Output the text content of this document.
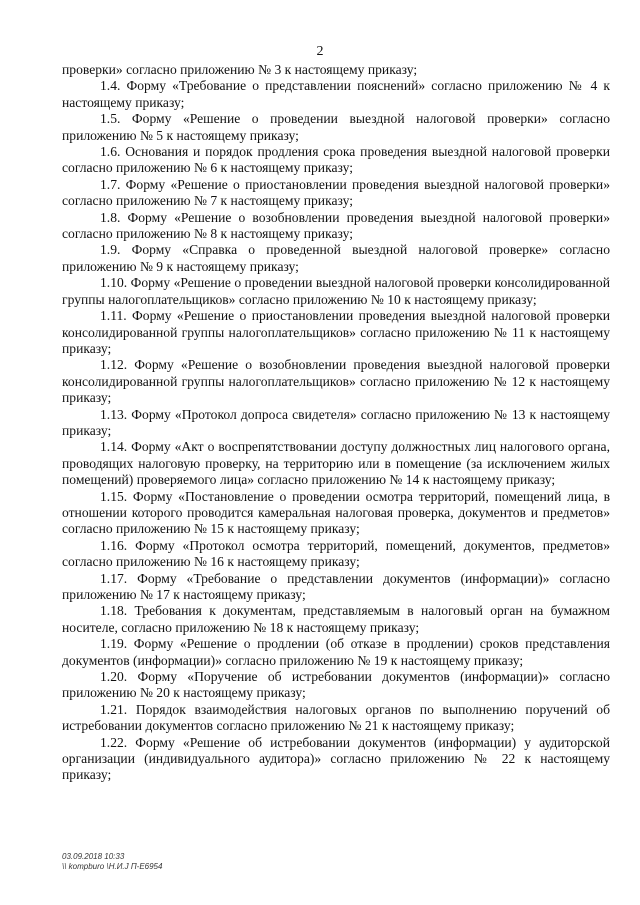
2

проверки» согласно приложению № 3 к настоящему приказу;

1.4. Форму «Требование о представлении пояснений» согласно приложению № 4 к настоящему приказу;

1.5. Форму «Решение о проведении выездной налоговой проверки» согласно приложению № 5 к настоящему приказу;

1.6. Основания и порядок продления срока проведения выездной налоговой проверки согласно приложению № 6 к настоящему приказу;

1.7. Форму «Решение о приостановлении проведения выездной налоговой проверки» согласно приложению № 7 к настоящему приказу;

1.8. Форму «Решение о возобновлении проведения выездной налоговой проверки» согласно приложению № 8 к настоящему приказу;

1.9. Форму «Справка о проведенной выездной налоговой проверке» согласно приложению № 9 к настоящему приказу;

1.10. Форму «Решение о проведении выездной налоговой проверки консолидированной группы налогоплательщиков» согласно приложению № 10 к настоящему приказу;

1.11. Форму «Решение о приостановлении проведения выездной налоговой проверки консолидированной группы налогоплательщиков» согласно приложению № 11 к настоящему приказу;

1.12. Форму «Решение о возобновлении проведения выездной налоговой проверки консолидированной группы налогоплательщиков» согласно приложению № 12 к настоящему приказу;

1.13. Форму «Протокол допроса свидетеля» согласно приложению № 13 к настоящему приказу;

1.14. Форму «Акт о воспрепятствовании доступу должностных лиц налогового органа, проводящих налоговую проверку, на территорию или в помещение (за исключением жилых помещений) проверяемого лица» согласно приложению № 14 к настоящему приказу;

1.15. Форму «Постановление о проведении осмотра территорий, помещений лица, в отношении которого проводится камеральная налоговая проверка, документов и предметов» согласно приложению № 15 к настоящему приказу;

1.16. Форму «Протокол осмотра территорий, помещений, документов, предметов» согласно приложению № 16 к настоящему приказу;

1.17. Форму «Требование о представлении документов (информации)» согласно приложению № 17 к настоящему приказу;

1.18. Требования к документам, представляемым в налоговый орган на бумажном носителе, согласно приложению № 18 к настоящему приказу;

1.19. Форму «Решение о продлении (об отказе в продлении) сроков представления документов (информации)» согласно приложению № 19 к настоящему приказу;

1.20. Форму «Поручение об истребовании документов (информации)» согласно приложению № 20 к настоящему приказу;

1.21. Порядок взаимодействия налоговых органов по выполнению поручений об истребовании документов согласно приложению № 21 к настоящему приказу;

1.22. Форму «Решение об истребовании документов (информации) у аудиторской организации (индивидуального аудитора)» согласно приложению № 22 к настоящему приказу;

03.09.2018 10:33
\\ kompburo \Н.И.J П-Е6954
